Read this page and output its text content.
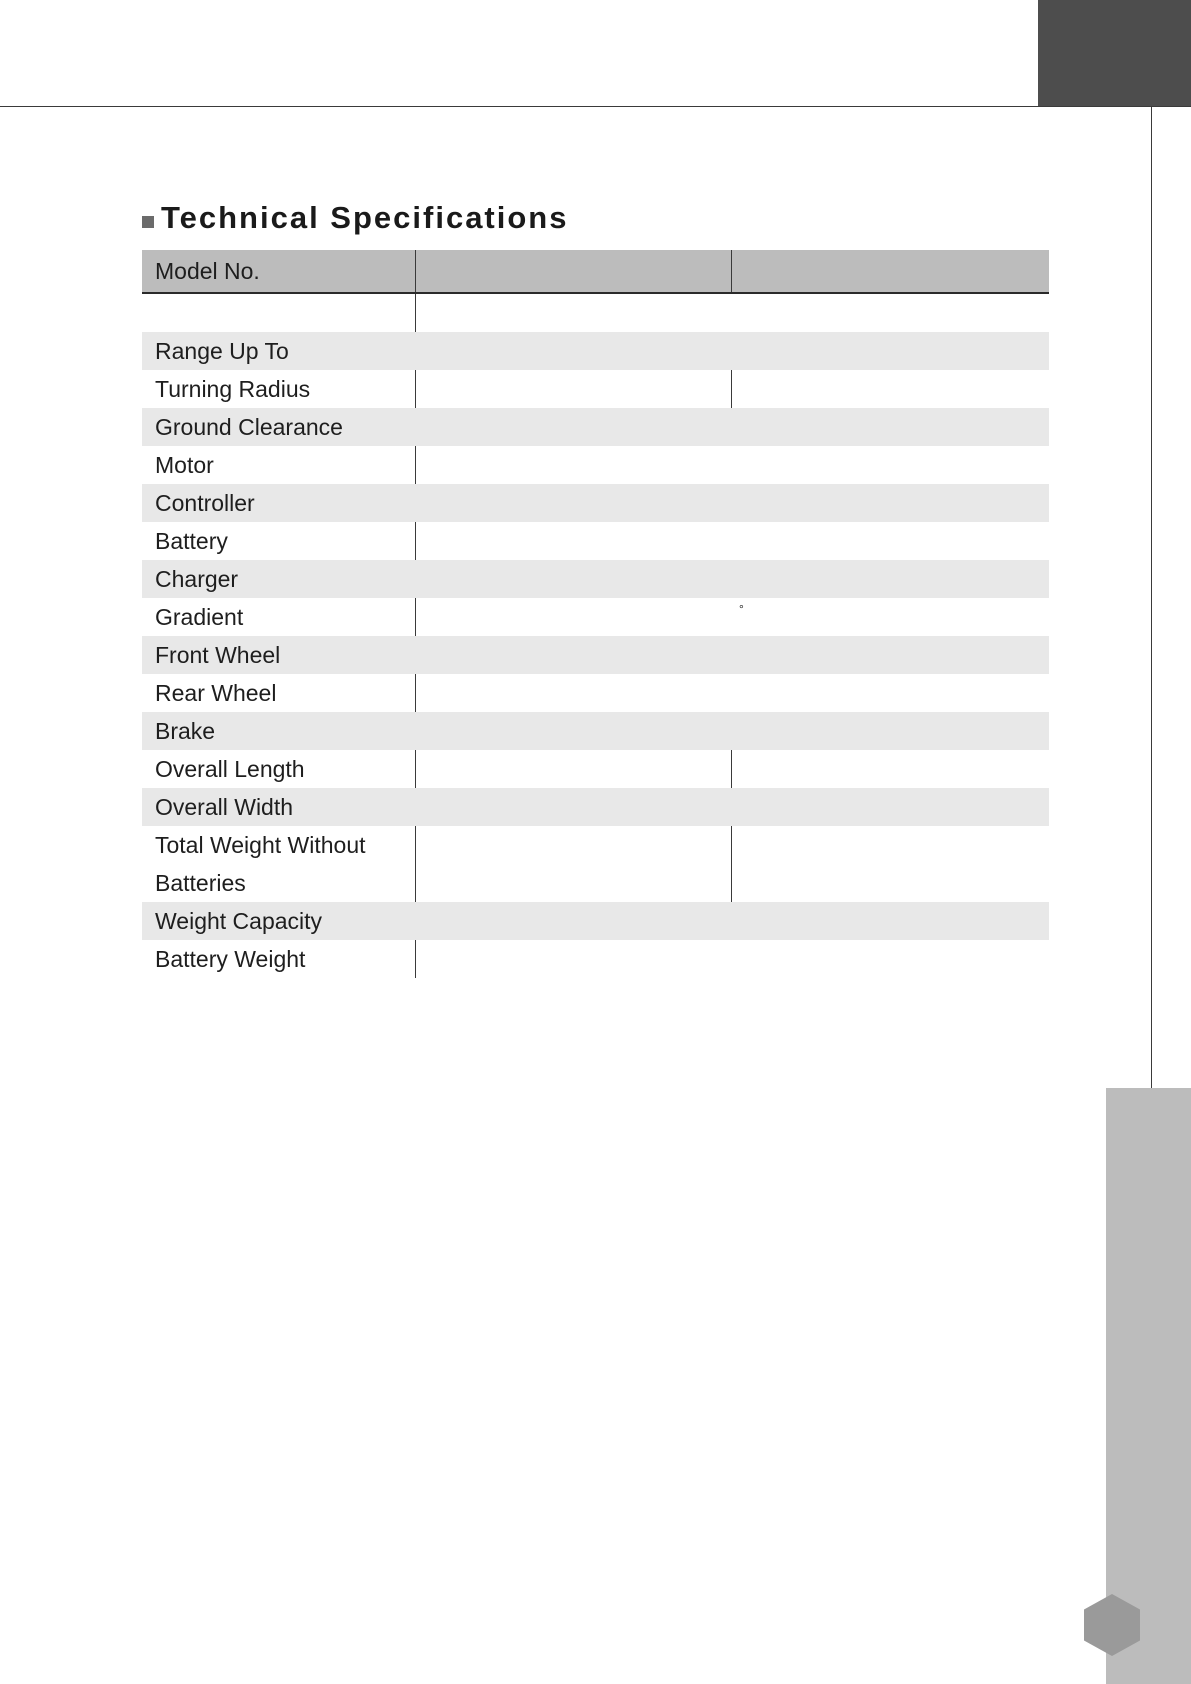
Technical Specifications
Model No.
Range Up To
Turning Radius
Ground Clearance
Motor
Controller
Battery
Charger
Gradient	°
Front Wheel
Rear Wheel
Brake
Overall Length
Overall Width
Total Weight Without Batteries
Weight Capacity
Battery Weight
